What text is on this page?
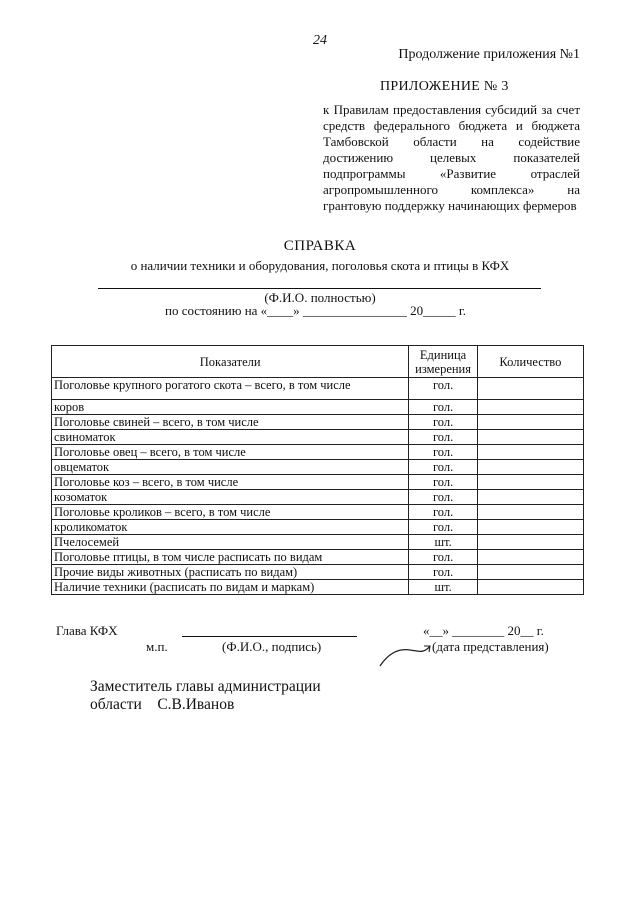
24
Продолжение приложения №1
ПРИЛОЖЕНИЕ № 3
к Правилам предоставления субсидий за счет средств федерального бюджета и бюджета Тамбовской области на содействие достижению целевых показателей подпрограммы «Развитие отраслей агропромышленного комплекса» на грантовую поддержку начинающих фермеров
СПРАВКА
о наличии техники и оборудования, поголовья скота и птицы в КФХ
(Ф.И.О. полностью)
по состоянию на «____» ________________ 20_____ г.
Показатели	Единица измерения	Количество
Поголовье крупного рогатого скота – всего, в том числе	гол.	
коров	гол.	
Поголовье свиней – всего, в том числе	гол.	
свиноматок	гол.	
Поголовье овец – всего, в том числе	гол.	
овцематок	гол.	
Поголовье коз – всего, в том числе	гол.	
козоматок	гол.	
Поголовье кроликов – всего, в том числе	гол.	
кроликоматок	гол.	
Пчелосемей	шт.	
Поголовье птицы, в том числе расписать по видам	гол.	
Прочие виды животных (расписать по видам)	гол.	
Наличие техники (расписать по видам и маркам)	шт.	
Глава КФХ	«__» ________ 20__ г.
м.п.	(Ф.И.О., подпись)	(дата представления)
Заместитель главы администрации
области    С.В.Иванов
